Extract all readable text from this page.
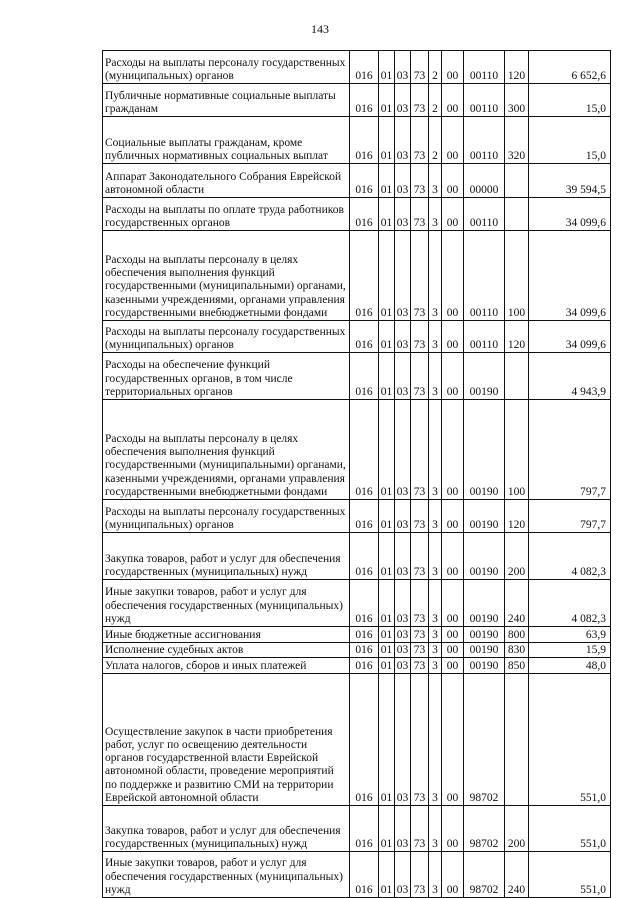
143
Расходы на выплаты персоналу государственных (муниципальных) органов	016	01	03	73	2	00	00110	120	6 652,6
Публичные нормативные социальные выплаты гражданам	016	01	03	73	2	00	00110	300	15,0
Социальные выплаты гражданам, кроме публичных нормативных социальных выплат	016	01	03	73	2	00	00110	320	15,0
Аппарат Законодательного Собрания Еврейской автономной области	016	01	03	73	3	00	00000		39 594,5
Расходы на выплаты по оплате труда работников государственных органов	016	01	03	73	3	00	00110		34 099,6
Расходы на выплаты персоналу в целях обеспечения выполнения функций государственными (муниципальными) органами, казенными учреждениями, органами управления государственными внебюджетными фондами	016	01	03	73	3	00	00110	100	34 099,6
Расходы на выплаты персоналу государственных (муниципальных) органов	016	01	03	73	3	00	00110	120	34 099,6
Расходы на обеспечение функций государственных органов, в том числе территориальных органов	016	01	03	73	3	00	00190		4 943,9
Расходы на выплаты персоналу в целях обеспечения выполнения функций государственными (муниципальными) органами, казенными учреждениями, органами управления государственными внебюджетными фондами	016	01	03	73	3	00	00190	100	797,7
Расходы на выплаты персоналу государственных (муниципальных) органов	016	01	03	73	3	00	00190	120	797,7
Закупка товаров, работ и услуг для обеспечения государственных (муниципальных) нужд	016	01	03	73	3	00	00190	200	4 082,3
Иные закупки товаров, работ и услуг для обеспечения государственных (муниципальных) нужд	016	01	03	73	3	00	00190	240	4 082,3
Иные бюджетные ассигнования	016	01	03	73	3	00	00190	800	63,9
Исполнение судебных актов	016	01	03	73	3	00	00190	830	15,9
Уплата налогов, сборов и иных платежей	016	01	03	73	3	00	00190	850	48,0
Осуществление закупок в части приобретения работ, услуг по освещению деятельности органов государственной власти Еврейской автономной области, проведение мероприятий по поддержке и развитию СМИ на территории Еврейской автономной области	016	01	03	73	3	00	98702		551,0
Закупка товаров, работ и услуг для обеспечения государственных (муниципальных) нужд	016	01	03	73	3	00	98702	200	551,0
Иные закупки товаров, работ и услуг для обеспечения государственных (муниципальных) нужд	016	01	03	73	3	00	98702	240	551,0
